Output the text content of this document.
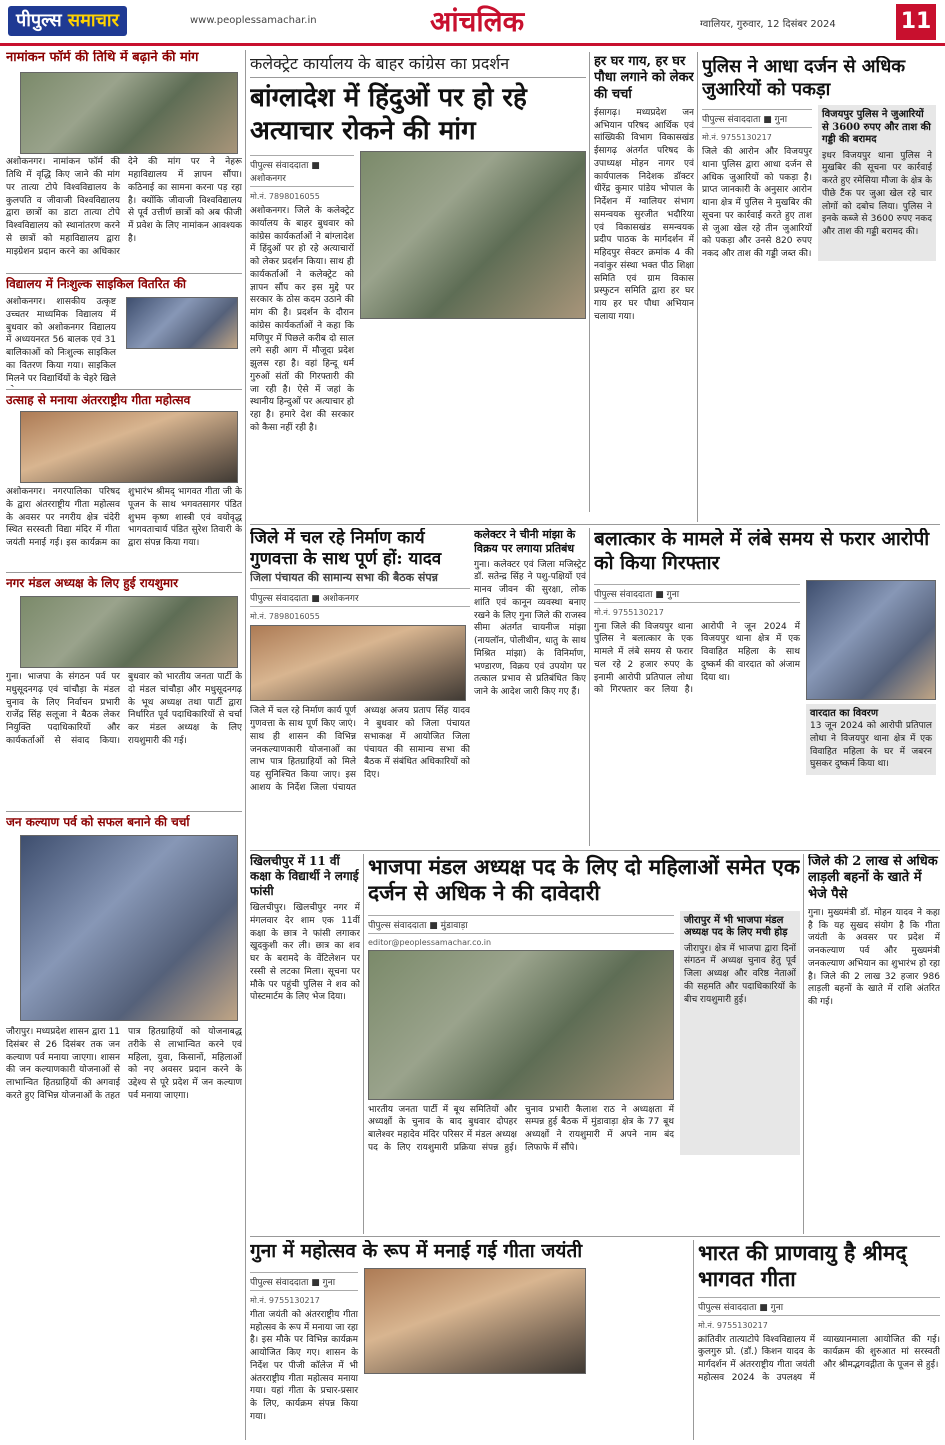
पीपुल्स समाचार	www.peoplessamachar.in	आंचलिक	ग्वालियर, गुरुवार, 12 दिसंबर 2024	11
नामांकन फॉर्म की तिथि में बढ़ाने की मांग
अशोकनगर। नामांकन फॉर्म की तिथि में वृद्धि किए जाने की मांग पर तात्या टोपे विश्वविद्यालय के कुलपति व जीवाजी विश्वविद्यालय द्वारा छात्रों का डाटा तात्या टोपे विश्वविद्यालय को स्थानांतरण करने से छात्रों को महाविद्यालय द्वारा माइग्रेशन प्रदान करने का अधिकार देने की मांग पर ने नेहरू महाविद्यालय में ज्ञापन सौंपा। कठिनाई का सामना करना पड़ रहा है। क्योंकि जीवाजी विश्वविद्यालय से पूर्व उत्तीर्ण छात्रों को अब फीजी में प्रवेश के लिए नामांकन आवश्यक है।
विद्यालय में निःशुल्क साइकिल वितरित की
अशोकनगर। शासकीय उत्कृष्ट उच्चतर माध्यमिक विद्यालय में बुधवार को अशोकनगर विद्यालय में अध्ययनरत 56 बालक एवं 31 बालिकाओं को निःशुल्क साइकिल का वितरण किया गया। साइकिल मिलने पर विद्यार्थियों के चेहरे खिले
उत्साह से मनाया अंतरराष्ट्रीय गीता महोत्सव
अशोकनगर। नगरपालिका परिषद के द्वारा अंतरराष्ट्रीय गीता महोत्सव के अवसर पर नगरीय क्षेत्र चंदेरी स्थित सरस्वती विद्या मंदिर में गीता जयंती मनाई गई। इस कार्यक्रम का शुभारंभ श्रीमद् भागवत गीता जी के पूजन के साथ भगवतसागर पंडित शुभम कृष्ण शास्त्री एवं वयोवृद्ध भागवताचार्य पंडित सुरेश तिवारी के द्वारा संपन्न किया गया।
नगर मंडल अध्यक्ष के लिए हुई रायशुमार
गुना। भाजपा के संगठन पर्व पर मधुसूदनगढ़ एवं चांचौड़ा के मंडल चुनाव के लिए निर्वाचन प्रभारी राजेंद्र सिंह सलूजा ने बैठक लेकर नियुक्ति पदाधिकारियों और कार्यकर्ताओं से संवाद किया। बुधवार को भारतीय जनता पार्टी के दो मंडल चांचौड़ा और मधुसूदनगढ़ के भूथ अध्यक्ष तथा पार्टी द्वारा निर्धारित पूर्व पदाधिकारियों से चर्चा कर मंडल अध्यक्ष के लिए रायशुमारी की गई।
जन कल्याण पर्व को सफल बनाने की चर्चा
जौरापुर। मध्यप्रदेश शासन द्वारा 11 दिसंबर से 26 दिसंबर तक जन कल्याण पर्व मनाया जाएगा। शासन की जन कल्याणकारी योजनाओं से लाभान्वित हितग्राहियों की अगवाई करते हुए विभिन्न योजनाओं के तहत पात्र हितग्राहियों को योजनाबद्ध तरीके से लाभान्वित करने एवं महिला, युवा, किसानों, महिलाओं को नए अवसर प्रदान करने के उद्देश्य से पूरे प्रदेश में जन कल्याण पर्व मनाया जाएगा।
कलेक्ट्रेट कार्यालय के बाहर कांग्रेस का प्रदर्शन
बांग्लादेश में हिंदुओं पर हो रहे अत्याचार रोकने की मांग
पीपुल्स संवाददाता ■ अशोकनगर
मो.नं. 7898016055
अशोकनगर। जिले के कलेक्ट्रेट कार्यालय के बाहर बुधवार को कांग्रेस कार्यकर्ताओं ने बांग्लादेश में हिंदुओं पर हो रहे अत्याचारों को लेकर प्रदर्शन किया। साथ ही कार्यकर्ताओं ने कलेक्ट्रेट को ज्ञापन सौंप कर इस मुद्दे पर सरकार के ठोस कदम उठाने की मांग की है। प्रदर्शन के दौरान कांग्रेस कार्यकर्ताओं ने कहा कि मणिपुर में पिछले करीब दो साल लगे सही आग में मौजूदा प्रदेश झुलस रहा है। वहां हिन्दू धर्म गुरुओं संतों की गिरफ्तारी की जा रही है। ऐसे में जहां के स्थानीय हिन्दुओं पर अत्याचार हो रहा है। हमारे देश की सरकार को कैसा नहीं रही है।
हर घर गाय, हर घर पौधा लगाने को लेकर की चर्चा
ईसागढ़। मध्यप्रदेश जन अभियान परिषद आर्थिक एवं सांख्यिकी विभाग विकासखंड ईसागढ़ अंतर्गत परिषद के उपाध्यक्ष मोहन नागर एवं कार्यपालक निदेशक डॉक्टर धीरेंद्र कुमार पांडेय भोपाल के निर्देशन में ग्वालियर संभाग समन्वयक सुरजीत भदौरिया एवं विकासखंड समन्वयक प्रदीप पाठक के मार्गदर्शन में महिदपुर सेक्टर क्रमांक 4 की नवांकुर संस्था भक्त पीठ शिक्षा समिति एवं ग्राम विकास प्रस्फुटन समिति द्वारा हर घर गाय हर घर पौधा अभियान चलाया गया।
पुलिस ने आधा दर्जन से अधिक जुआरियों को पकड़ा
पीपुल्स संवाददाता ■ गुना
मो.नं. 9755130217
जिले की आरोन और विजयपुर थाना पुलिस द्वारा आधा दर्जन से अधिक जुआरियों को पकड़ा है। प्राप्त जानकारी के अनुसार आरोन थाना क्षेत्र में पुलिस ने मुखबिर की सूचना पर कार्रवाई करते हुए ताश से जुआ खेल रहे तीन जुआरियों को पकड़ा और उनसे 820 रुपए नकद और ताश की गड्डी जब्त की।
विजयपुर पुलिस ने जुआरियों से 3600 रुपए और ताश की गड्डी की बरामद
इधर विजयपुर थाना पुलिस ने मुखबिर की सूचना पर कार्रवाई करते हुए रमेसिया मौजा के क्षेत्र के पीछे टैंक पर जुआ खेल रहे चार लोगों को दबोच लिया। पुलिस ने इनके कब्जे से 3600 रुपए नकद और ताश की गड्डी बरामद की।
जिले में चल रहे निर्माण कार्य गुणवत्ता के साथ पूर्ण हों: यादव
जिला पंचायत की सामान्य सभा की बैठक संपन्न
पीपुल्स संवाददाता ■ अशोकनगर
मो.नं. 7898016055
जिले में चल रहे निर्माण कार्य पूर्ण गुणवत्ता के साथ पूर्ण किए जाएं। साथ ही शासन की विभिन्न जनकल्याणकारी योजनाओं का लाभ पात्र हितग्राहियों को मिले यह सुनिश्चित किया जाए। इस आशय के निर्देश जिला पंचायत अध्यक्ष अजय प्रताप सिंह यादव ने बुधवार को जिला पंचायत सभाकक्ष में आयोजित जिला पंचायत की सामान्य सभा की बैठक में संबंधित अधिकारियों को दिए।
कलेक्टर ने चीनी मांझा के विक्रय पर लगाया प्रतिबंध
गुना। कलेक्टर एवं जिला मजिस्ट्रेट डॉ. सतेन्द्र सिंह ने पशु-पक्षियों एवं मानव जीवन की सुरक्षा, लोक शांति एवं कानून व्यवस्था बनाए रखने के लिए गुना जिले की राजस्व सीमा अंतर्गत चायनीज मांझा (नायलॉन, पोलीथीन, धातु के साथ मिश्रित मांझा) के विनिर्माण, भण्डारण, विक्रय एवं उपयोग पर तत्काल प्रभाव से प्रतिबंधित किए जाने के आदेश जारी किए गए हैं।
बलात्कार के मामले में लंबे समय से फरार आरोपी को किया गिरफ्तार
पीपुल्स संवाददाता ■ गुना
मो.नं. 9755130217
गुना जिले की विजयपुर थाना पुलिस ने बलात्कार के एक मामले में लंबे समय से फरार चल रहे 2 हजार रुपए के इनामी आरोपी प्रतिपाल लोधा को गिरफ्तार कर लिया है। आरोपी ने जून 2024 में विजयपुर थाना क्षेत्र में एक विवाहित महिला के साथ दुष्कर्म की वारदात को अंजाम दिया था।
वारदात का विवरण
13 जून 2024 को आरोपी प्रतिपाल लोधा ने विजयपुर थाना क्षेत्र में एक विवाहित महिला के घर में जबरन घुसकर दुष्कर्म किया था।
खिलचीपुर में 11 वीं कक्षा के विद्यार्थी ने लगाई फांसी
खिलचीपुर। खिलचीपुर नगर में मंगलवार देर शाम एक 11वीं कक्षा के छात्र ने फांसी लगाकर खुदकुशी कर ली। छात्र का शव घर के बरामदे के वेंटिलेशन पर रस्सी से लटका मिला। सूचना पर मौके पर पहुंची पुलिस ने शव को पोस्टमार्टम के लिए भेज दिया।
भाजपा मंडल अध्यक्ष पद के लिए दो महिलाओं समेत एक दर्जन से अधिक ने की दावेदारी
पीपुल्स संवाददाता ■ मुंडावाड़ा
editor@peoplessamachar.co.in
भारतीय जनता पार्टी में बूथ समितियों और अध्यक्षों के चुनाव के बाद बुधवार दोपहर बालेश्वर महादेव मंदिर परिसर में मंडल अध्यक्ष पद के लिए रायशुमारी प्रक्रिया संपन्न हुई। चुनाव प्रभारी कैलाश राठ ने अध्यक्षता में सम्पन्न हुई बैठक में मुंडावाड़ा क्षेत्र के 77 बूथ अध्यक्षों ने रायशुमारी में अपने नाम बंद लिफाफे में सौंपे।
जीरापुर में भी भाजपा मंडल अध्यक्ष पद के लिए मची होड़
जीरापुर। क्षेत्र में भाजपा द्वारा दिनों संगठन में अध्यक्ष चुनाव हेतु पूर्व जिला अध्यक्ष और वरिष्ठ नेताओं की सहमति और पदाधिकारियों के बीच रायशुमारी हुई।
जिले की 2 लाख से अधिक लाड़ली बहनों के खाते में भेजे पैसे
गुना। मुख्यमंत्री डॉ. मोहन यादव ने कहा है कि यह सुखद संयोग है कि गीता जयंती के अवसर पर प्रदेश में जनकल्याण पर्व और मुख्यमंत्री जनकल्याण अभियान का शुभारंभ हो रहा है। जिले की 2 लाख 32 हजार 986 लाड़ली बहनों के खाते में राशि अंतरित की गई।
गुना में महोत्सव के रूप में मनाई गई गीता जयंती
पीपुल्स संवाददाता ■ गुना
मो.नं. 9755130217
गीता जयंती को अंतरराष्ट्रीय गीता महोत्सव के रूप में मनाया जा रहा है। इस मौके पर विभिन्न कार्यक्रम आयोजित किए गए। शासन के निर्देश पर पीजी कॉलेज में भी अंतरराष्ट्रीय गीता महोत्सव मनाया गया। यहां गीता के प्रचार-प्रसार के लिए, कार्यक्रम संपन्न किया गया।
भारत की प्राणवायु है श्रीमद् भागवत गीता
पीपुल्स संवाददाता ■ गुना
मो.नं. 9755130217
क्रांतिवीर तात्याटोपे विश्वविद्यालय में कुलगुरु प्रो. (डॉ.) किशन यादव के मार्गदर्शन में अंतरराष्ट्रीय गीता जयंती महोत्सव 2024 के उपलक्ष्य में व्याख्यानमाला आयोजित की गई। कार्यक्रम की शुरुआत मां सरस्वती और श्रीमद्भगवद्गीता के पूजन से हुई।
